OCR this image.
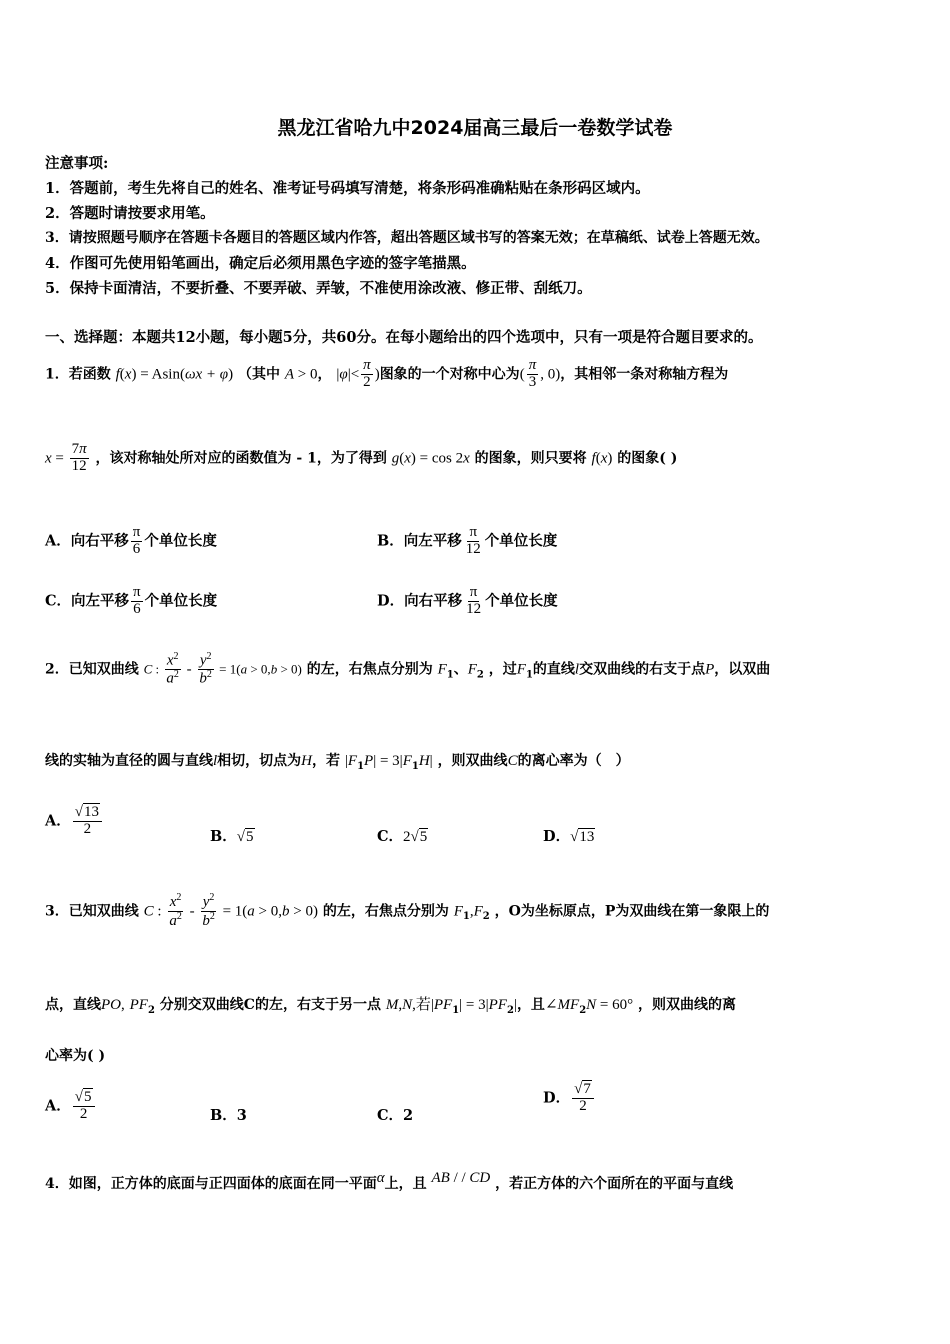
黑龙江省哈九中2024届高三最后一卷数学试卷
注意事项:
1．答题前，考生先将自己的姓名、准考证号码填写清楚，将条形码准确粘贴在条形码区域内。
2．答题时请按要求用笔。
3．请按照题号顺序在答题卡各题目的答题区域内作答，超出答题区域书写的答案无效；在草稿纸、试卷上答题无效。
4．作图可先使用铅笔画出，确定后必须用黑色字迹的签字笔描黑。
5．保持卡面清洁，不要折叠、不要弄破、弄皱，不准使用涂改液、修正带、刮纸刀。
一、选择题：本题共12小题，每小题5分，共60分。在每小题给出的四个选项中，只有一项是符合题目要求的。
1．若函数 f(x) = Asin(ωx + φ) （其中 A > 0， $|\varphi|< \frac{\pi}{2}$ )图象的一个对称中心为( $\frac{\pi}{3}$ , 0)，其相邻一条对称轴方程为
$x = \frac{7\pi}{12}$ ，该对称轴处所对应的函数值为 - 1，为了得到 g(x) = cos 2x 的图象，则只要将 f(x) 的图象( )
A．向右平移 $\frac{\pi}{6}$ 个单位长度	B．向左平移 $\frac{\pi}{12}$ 个单位长度
C．向左平移 $\frac{\pi}{6}$ 个单位长度	D．向右平移 $\frac{\pi}{12}$ 个单位长度
2．已知双曲线 C : $\frac{x^2}{a^2} - \frac{y^2}{b^2} = 1(a > 0,b > 0)$ 的左，右焦点分别为 $F_1$、$F_2$ ，过$F_1$的直线l交双曲线的右支于点P，以双曲
线的实轴为直径的圆与直线l相切，切点为H，若 $|F_1P| = 3|F_1H|$ ，则双曲线C的离心率为（　）
A． $\frac{√13}{2}$	B．√5	C．2√5	D．√13
3．已知双曲线 C : $\frac{x^2}{a^2} - \frac{y^2}{b^2} = 1(a > 0,b > 0)$ 的左，右焦点分别为 $F_1,F_2$ ，O为坐标原点，P为双曲线在第一象限上的
点，直线PO, $PF_2$ 分别交双曲线C的左，右支于另一点 M,N,若$|PF_1| = 3|PF_2|$，且$\angle MF_2N = 60^\circ$ ，则双曲线的离
心率为( )
A． $\frac{√5}{2}$	B．3	C．2
D． $\frac{√7}{2}$
4．如图，正方体的底面与正四面体的底面在同一平面α上，且 AB / / CD ，若正方体的六个面所在的平面与直线
